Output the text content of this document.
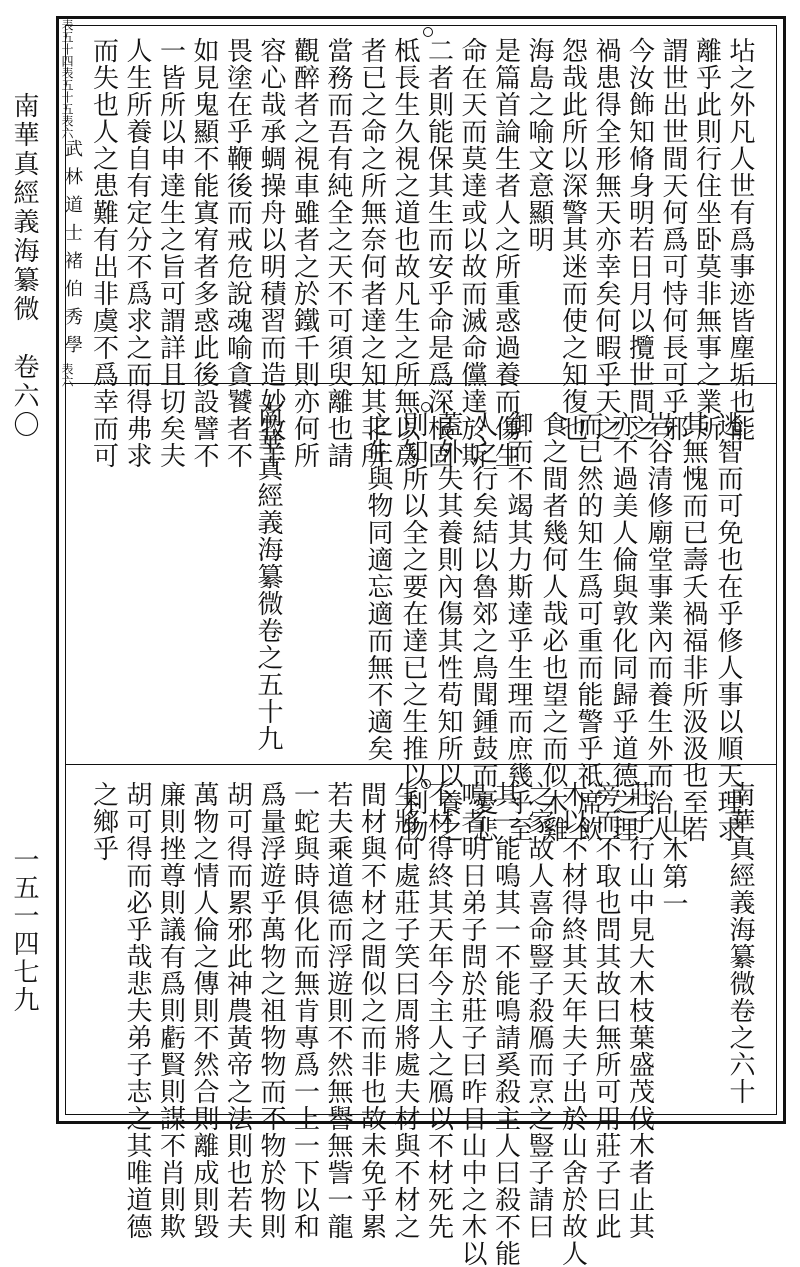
南華真經義海纂微　卷六〇
一五一四七九
坫之外凡人世有爲事迹皆塵垢也能
離乎此則行住坐卧莫非無事之業所
謂世出世間天何爲可恃何長可乎邪
今汝飾知脩身明若日月以攬世間之
禍患得全形無天亦幸矣何暇乎天之
怨哉此所以深警其迷而使之知復也
海島之喻文意顯明
是篇首論生者人之所重惑過養而傷生
命在天而莫達或以故而滅命儻達於斯
二者則能保其生而安乎命是爲深根固
柢長生久視之道也故凡生之所無以爲
者已之命之所無奈何者達之知其非所
當務而吾有純全之天不可須臾離也請
觀醉者之視車雖者之於鐵千則亦何所
容心哉承蜩操舟以明積習而造妙牧羊
畏塗在乎鞭後而戒危說魂喻貪饕者不
如見鬼顯不能寘宥者多惑此後設譬不
一皆所以申達生之旨可謂詳且切矣夫
人生所養自有定分不爲求之而得弗求
而失也人之患難有出非虞不爲幸而可
表五
十四
逃智而可免也在乎修人事以順天理求
其無愧而已壽夭禍福非所汲汲也至若
岩谷清修廟堂事業內而養生外而治人
亦不過美人倫與敦化同歸乎道德之理
而已然的知生爲可重而能警乎祗席飲
食之間者幾何人哉必也望之而似木雞
御而不竭其力斯達乎生理而庶幾乎至
人之行矣結以魯郊之鳥聞鍾鼓而憂悲
蓋外失其養則內傷其性苟知所以養之
則知所以全之要在達已之生推以利物
之生與物同適忘適而無不適矣
南華真經義海纂微卷之五十九
表五
十五
南華真經義海纂微卷之六十
表六
武林道士褚伯秀學
山木第一
莊子行山中見大木枝葉盛茂伐木者止其
旁而不取也問其故曰無所可用莊子曰此
木以不材得終其天年夫子出於山舍於故人
之家故人喜命豎子殺鴈而烹之豎子請曰
其一能鳴其一不能鳴請奚殺主人曰殺不能
鳴者明日弟子問於莊子曰昨日山中之木以
不材得終其天年今主人之鴈以不材死先
生將何處莊子笑曰周將處夫材與不材之
間材與不材之間似之而非也故未免乎累
若夫乘道德而浮遊則不然無譽無訾一龍
一蛇與時俱化而無肯專爲一上一下以和
爲量浮遊乎萬物之祖物物而不物於物則
胡可得而累邪此神農黃帝之法則也若夫
萬物之情人倫之傳則不然合則離成則毀
廉則挫尊則議有爲則虧賢則謀不肖則欺
胡可得而必乎哉悲夫弟子志之其唯道德
之鄉乎
表六
